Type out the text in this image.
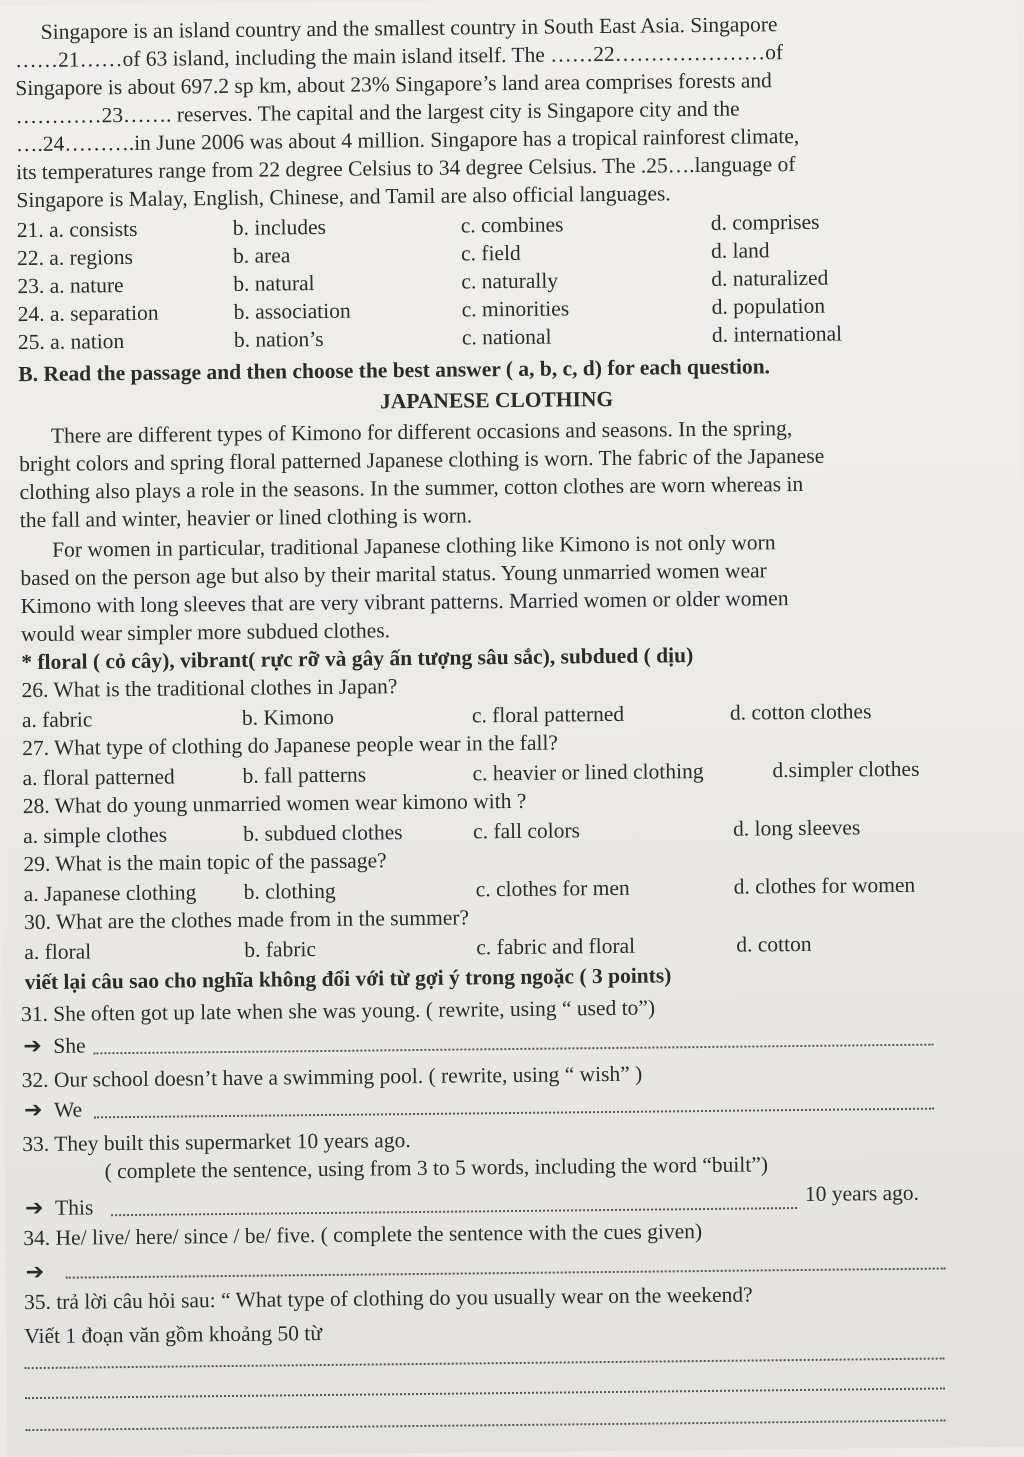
Singapore is an island country and the smallest country in South East Asia. Singapore
……21……of 63 island, including the main island itself. The ……22…………………of
Singapore is about 697.2 sp km, about 23% Singapore’s land area comprises forests and
…………23……. reserves. The capital and the largest city is Singapore city and the
….24……….in June 2006 was about 4 million. Singapore has a tropical rainforest climate,
its temperatures range from 22 degree Celsius to 34 degree Celsius. The .25….language of
Singapore is Malay, English, Chinese, and Tamil are also official languages.
21. a. consists	b. includes	c. combines	d. comprises
22. a. regions	b. area	c. field	d. land
23. a. nature	b. natural	c. naturally	d. naturalized
24. a. separation	b. association	c. minorities	d. population
25. a. nation	b. nation’s	c. national	d. international
B. Read the passage and then choose the best answer ( a, b, c, d) for each question.
JAPANESE CLOTHING
There are different types of Kimono for different occasions and seasons. In the spring,
bright colors and spring floral patterned Japanese clothing is worn. The fabric of the Japanese
clothing also plays a role in the seasons. In the summer, cotton clothes are worn whereas in
the fall and winter, heavier or lined clothing is worn.
For women in particular, traditional Japanese clothing like Kimono is not only worn
based on the person age but also by their marital status. Young unmarried women wear
Kimono with long sleeves that are very vibrant patterns. Married women or older women
would wear simpler more subdued clothes.
* floral ( cỏ cây), vibrant( rực rỡ và gây ấn tượng sâu sắc), subdued ( dịu)
26. What is the traditional clothes in Japan?
a. fabric	b. Kimono	c. floral patterned	d. cotton clothes
27. What type of clothing do Japanese people wear in the fall?
a. floral patterned	b. fall patterns	c. heavier or lined clothing	d.simpler clothes
28. What do young unmarried women wear kimono with ?
a. simple clothes	b. subdued clothes	c. fall colors	d. long sleeves
29. What is the main topic of the passage?
a. Japanese clothing b. clothing	c. clothes for men	d. clothes for women
30. What are the clothes made from in the summer?
a. floral	b. fabric	c. fabric and floral	d. cotton
viết lại câu sao cho nghĩa không đổi với từ gợi ý trong ngoặc ( 3 points)
31. She often got up late when she was young. ( rewrite, using “ used to”)
➔ She
32. Our school doesn’t have a swimming pool. ( rewrite, using “ wish” )
➔ We
33. They built this supermarket 10 years ago.
( complete the sentence, using from 3 to 5 words, including the word “built”)
➔ This
10 years ago.
34. He/ live/ here/ since / be/ five. ( complete the sentence with the cues given)
➔
35. trả lời câu hỏi sau: “ What type of clothing do you usually wear on the weekend?
Viết 1 đoạn văn gồm khoảng 50 từ
